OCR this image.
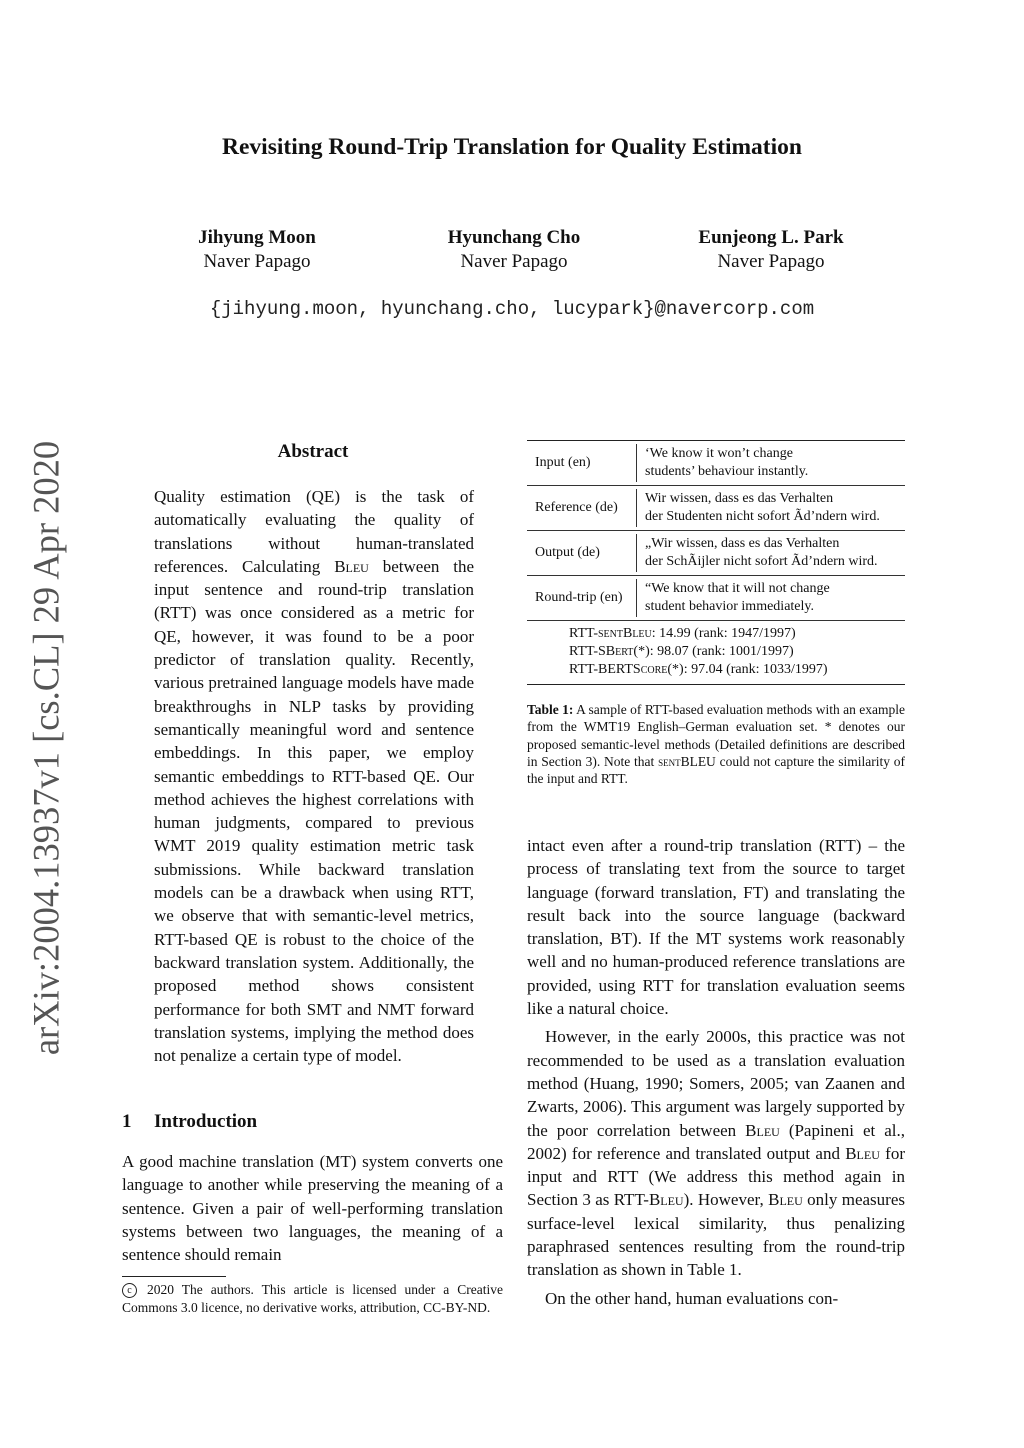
Revisiting Round-Trip Translation for Quality Estimation
Jihyung Moon
Naver Papago
Hyunchang Cho
Naver Papago
Eunjeong L. Park
Naver Papago
{jihyung.moon, hyunchang.cho, lucypark}@navercorp.com
arXiv:2004.13937v1 [cs.CL] 29 Apr 2020	Abstract
Quality estimation (QE) is the task of automatically evaluating the quality of translations without human-translated references. Calculating Bleu between the input sentence and round-trip translation (RTT) was once considered as a metric for QE, however, it was found to be a poor predictor of translation quality. Recently, various pretrained language models have made breakthroughs in NLP tasks by providing semantically meaningful word and sentence embeddings. In this paper, we employ semantic embeddings to RTT-based QE. Our method achieves the highest correlations with human judgments, compared to previous WMT 2019 quality estimation metric task submissions. While backward translation models can be a drawback when using RTT, we observe that with semantic-level metrics, RTT-based QE is robust to the choice of the backward translation system. Additionally, the proposed method shows consistent performance for both SMT and NMT forward translation systems, implying the method does not penalize a certain type of model.
1 Introduction
A good machine translation (MT) system converts one language to another while preserving the meaning of a sentence. Given a pair of well-performing translation systems between two languages, the meaning of a sentence should remain
c 2020 The authors. This article is licensed under a Creative Commons 3.0 licence, no derivative works, attribution, CC-BY-ND.
Input (en)
‘We know it won’t change
students’ behaviour instantly.
Reference (de)
Wir wissen, dass es das Verhalten
der Studenten nicht sofort Ãd’ndern wird.
Output (de)
„Wir wissen, dass es das Verhalten
der SchÃijler nicht sofort Ãd’ndern wird.
Round-trip (en)
“We know that it will not change
student behavior immediately.
RTT-sentBleu: 14.99 (rank: 1947/1997)
RTT-SBert(*): 98.07 (rank: 1001/1997)
RTT-BERTScore(*): 97.04 (rank: 1033/1997)
Table 1: A sample of RTT-based evaluation methods with an example from the WMT19 English–German evaluation set. * denotes our proposed semantic-level methods (Detailed definitions are described in Section 3). Note that sentBLEU could not capture the similarity of the input and RTT.

intact even after a round-trip translation (RTT) – the process of translating text from the source to target language (forward translation, FT) and translating the result back into the source language (backward translation, BT). If the MT systems work reasonably well and no human-produced reference translations are provided, using RTT for translation evaluation seems like a natural choice.

However, in the early 2000s, this practice was not recommended to be used as a translation evaluation method (Huang, 1990; Somers, 2005; van Zaanen and Zwarts, 2006). This argument was largely supported by the poor correlation between Bleu (Papineni et al., 2002) for reference and translated output and Bleu for input and RTT (We address this method again in Section 3 as RTT-Bleu). However, Bleu only measures surface-level lexical similarity, thus penalizing paraphrased sentences resulting from the round-trip translation as shown in Table 1.

On the other hand, human evaluations con-
